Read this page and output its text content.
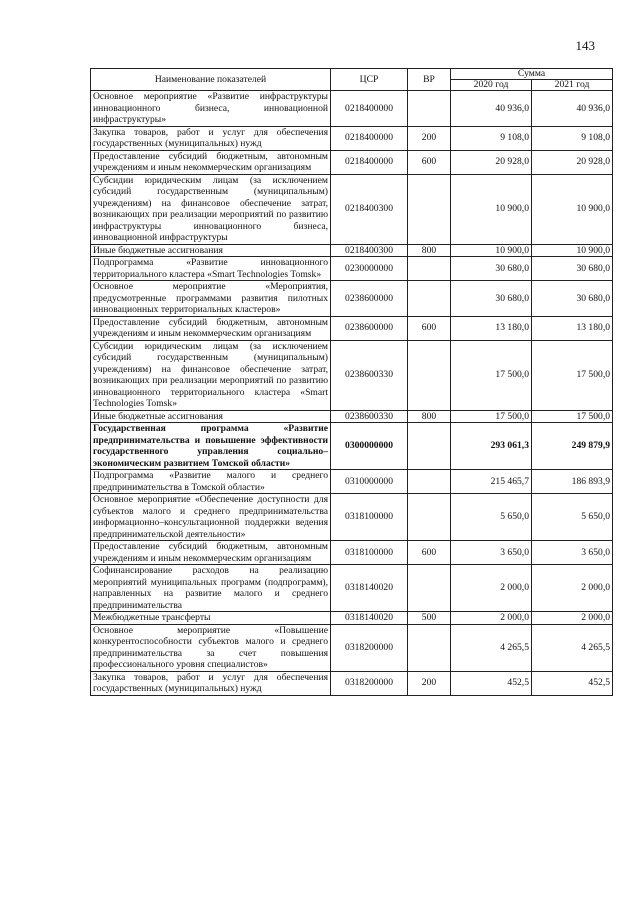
143
Наименование показателей	ЦСР	ВР	Сумма	
			2020 год	2021 год
Основное мероприятие «Развитие инфраструктуры инновационного бизнеса, инновационной инфраструктуры»	0218400000		40 936,0	40 936,0
Закупка товаров, работ и услуг для обеспечения государственных (муниципальных) нужд	0218400000	200	9 108,0	9 108,0
Предоставление субсидий бюджетным, автономным учреждениям и иным некоммерческим организациям	0218400000	600	20 928,0	20 928,0
Субсидии юридическим лицам (за исключением субсидий государственным (муниципальным) учреждениям) на финансовое обеспечение затрат, возникающих при реализации мероприятий по развитию инфраструктуры инновационного бизнеса, инновационной инфраструктуры	0218400300		10 900,0	10 900,0
Иные бюджетные ассигнования	0218400300	800	10 900,0	10 900,0
Подпрограмма «Развитие инновационного территориального кластера «Smart Technologies Tomsk»	0230000000		30 680,0	30 680,0
Основное мероприятие «Мероприятия, предусмотренные программами развития пилотных инновационных территориальных кластеров»	0238600000		30 680,0	30 680,0
Предоставление субсидий бюджетным, автономным учреждениям и иным некоммерческим организациям	0238600000	600	13 180,0	13 180,0
Субсидии юридическим лицам (за исключением субсидий государственным (муниципальным) учреждениям) на финансовое обеспечение затрат, возникающих при реализации мероприятий по развитию инновационного территориального кластера «Smart Technologies Tomsk»	0238600330		17 500,0	17 500,0
Иные бюджетные ассигнования	0238600330	800	17 500,0	17 500,0
Государственная программа «Развитие предпринимательства и повышение эффективности государственного управления социально–экономическим развитием Томской области»	0300000000		293 061,3	249 879,9
Подпрограмма «Развитие малого и среднего предпринимательства в Томской области»	0310000000		215 465,7	186 893,9
Основное мероприятие «Обеспечение доступности для субъектов малого и среднего предпринимательства информационно–консультационной поддержки ведения предпринимательской деятельности»	0318100000		5 650,0	5 650,0
Предоставление субсидий бюджетным, автономным учреждениям и иным некоммерческим организациям	0318100000	600	3 650,0	3 650,0
Софинансирование расходов на реализацию мероприятий муниципальных программ (подпрограмм), направленных на развитие малого и среднего предпринимательства	0318140020		2 000,0	2 000,0
Межбюджетные трансферты	0318140020	500	2 000,0	2 000,0
Основное мероприятие «Повышение конкурентоспособности субъектов малого и среднего предпринимательства за счет повышения профессионального уровня специалистов»	0318200000		4 265,5	4 265,5
Закупка товаров, работ и услуг для обеспечения государственных (муниципальных) нужд	0318200000	200	452,5	452,5
